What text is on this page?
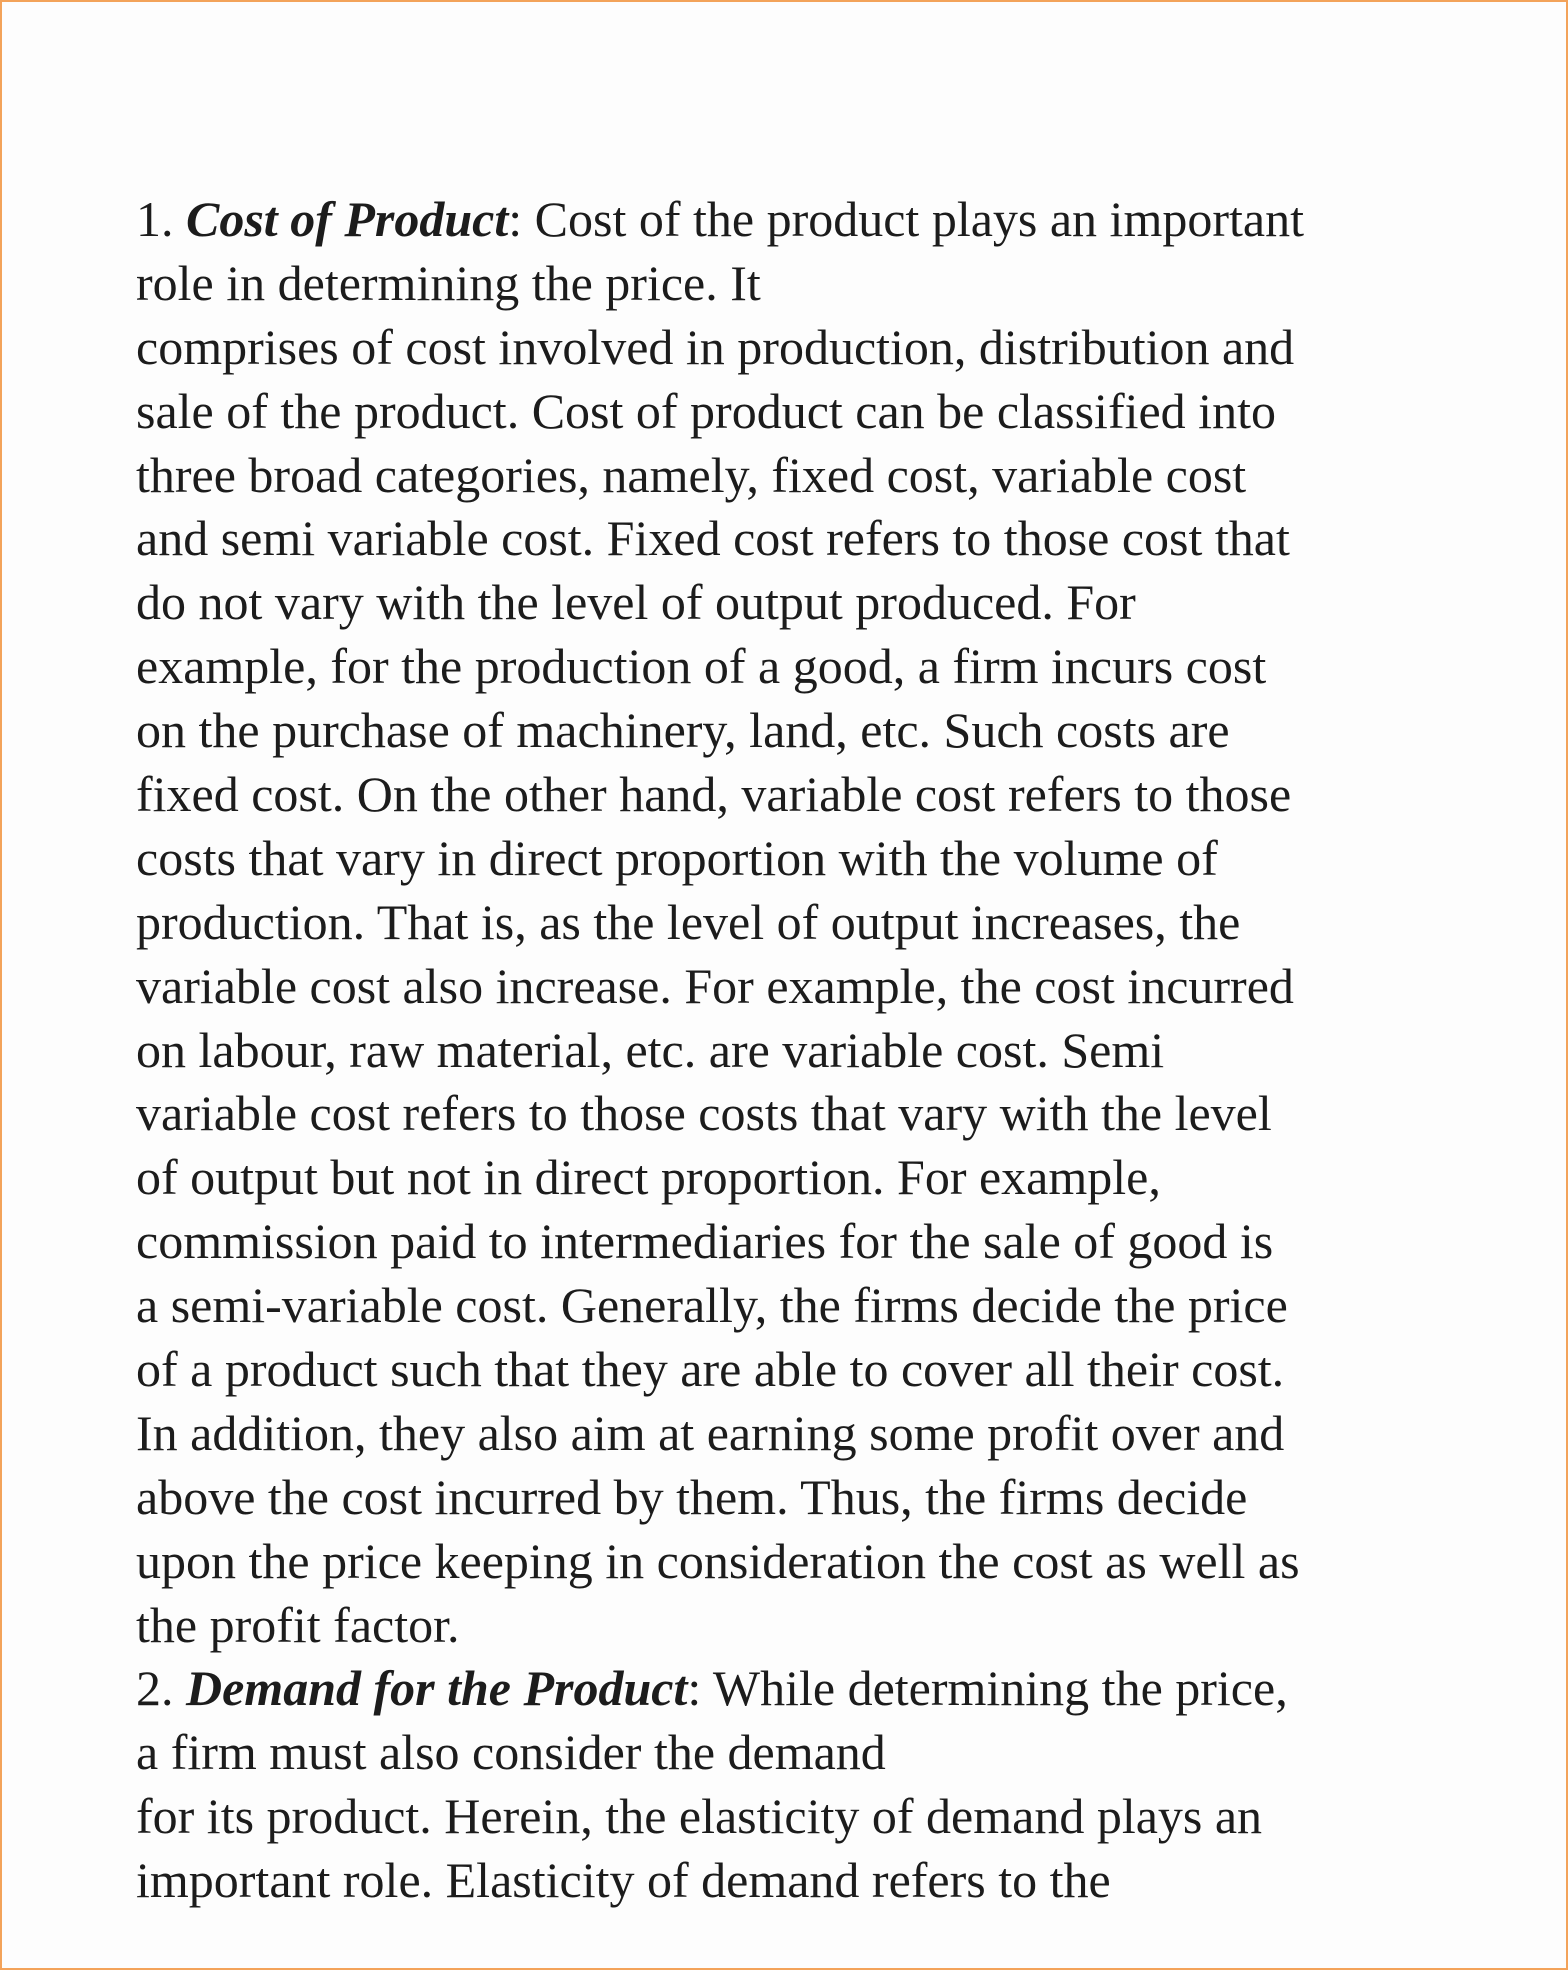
1. Cost of Product: Cost of the product plays an important
role in determining the price. It
comprises of cost involved in production, distribution and
sale of the product. Cost of product can be classified into
three broad categories, namely, fixed cost, variable cost
and semi variable cost. Fixed cost refers to those cost that
do not vary with the level of output produced. For
example, for the production of a good, a firm incurs cost
on the purchase of machinery, land, etc. Such costs are
fixed cost. On the other hand, variable cost refers to those
costs that vary in direct proportion with the volume of
production. That is, as the level of output increases, the
variable cost also increase. For example, the cost incurred
on labour, raw material, etc. are variable cost. Semi
variable cost refers to those costs that vary with the level
of output but not in direct proportion. For example,
commission paid to intermediaries for the sale of good is
a semi-variable cost. Generally, the firms decide the price
of a product such that they are able to cover all their cost.
In addition, they also aim at earning some profit over and
above the cost incurred by them. Thus, the firms decide
upon the price keeping in consideration the cost as well as
the profit factor.
2. Demand for the Product: While determining the price,
a firm must also consider the demand
for its product. Herein, the elasticity of demand plays an
important role. Elasticity of demand refers to the
